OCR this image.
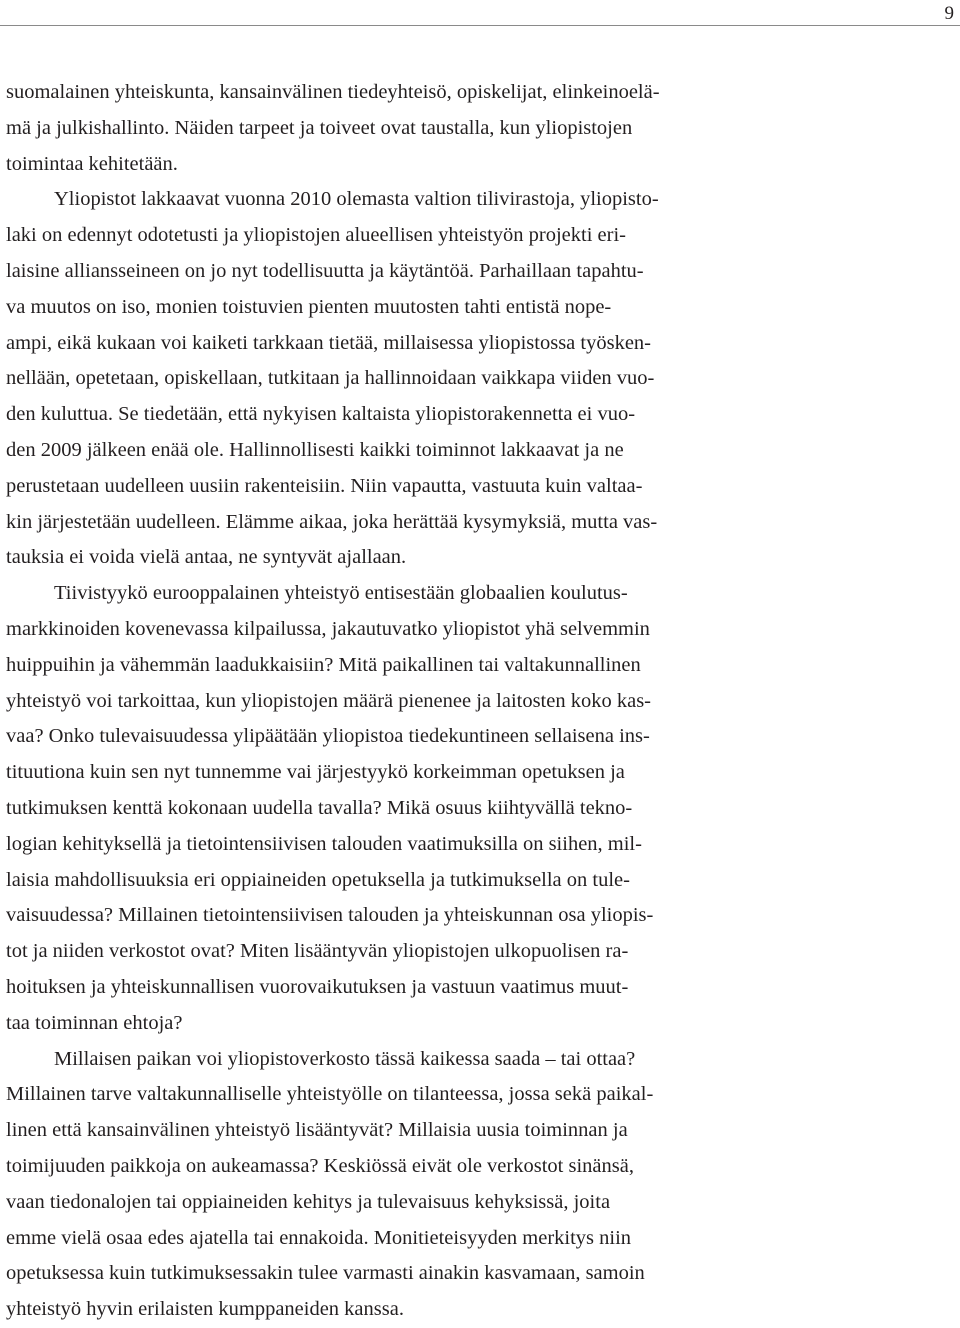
9

suomalainen yhteiskunta, kansainvälinen tiedeyhteisö, opiskelijat, elinkeinoelä-
mä ja julkishallinto. Näiden tarpeet ja toiveet ovat taustalla, kun yliopistojen
toimintaa kehitetään.

Yliopistot lakkaavat vuonna 2010 olemasta valtion tilivirastoja, yliopisto-
laki on edennyt odotetusti ja yliopistojen alueellisen yhteistyön projekti eri-
laisine alliansseineen on jo nyt todellisuutta ja käytäntöä. Parhaillaan tapahtu-
va muutos on iso, monien toistuvien pienten muutosten tahti entistä nope-
ampi, eikä kukaan voi kaiketi tarkkaan tietää, millaisessa yliopistossa työsken-
nellään, opetetaan, opiskellaan, tutkitaan ja hallinnoidaan vaikkapa viiden vuo-
den kuluttua. Se tiedetään, että nykyisen kaltaista yliopistorakennetta ei vuo-
den 2009 jälkeen enää ole. Hallinnollisesti kaikki toiminnot lakkaavat ja ne
perustetaan uudelleen uusiin rakenteisiin. Niin vapautta, vastuuta kuin valtaa-
kin järjestetään uudelleen. Elämme aikaa, joka herättää kysymyksiä, mutta vas-
tauksia ei voida vielä antaa, ne syntyvät ajallaan.

Tiivistyykö eurooppalainen yhteistyö entisestään globaalien koulutus-
markkinoiden kovenevassa kilpailussa, jakautuvatko yliopistot yhä selvemmin
huippuihin ja vähemmän laadukkaisiin? Mitä paikallinen tai valtakunnallinen
yhteistyö voi tarkoittaa, kun yliopistojen määrä pienenee ja laitosten koko kas-
vaa? Onko tulevaisuudessa ylipäätään yliopistoa tiedekuntineen sellaisena ins-
tituutiona kuin sen nyt tunnemme vai järjestyykö korkeimman opetuksen ja
tutkimuksen kenttä kokonaan uudella tavalla? Mikä osuus kiihtyvällä tekno-
logian kehityksellä ja tietointensiivisen talouden vaatimuksilla on siihen, mil-
laisia mahdollisuuksia eri oppiaineiden opetuksella ja tutkimuksella on tule-
vaisuudessa? Millainen tietointensiivisen talouden ja yhteiskunnan osa yliopis-
tot ja niiden verkostot ovat? Miten lisääntyvän yliopistojen ulkopuolisen ra-
hoituksen ja yhteiskunnallisen vuorovaikutuksen ja vastuun vaatimus muut-
taa toiminnan ehtoja?

Millaisen paikan voi yliopistoverkosto tässä kaikessa saada – tai ottaa?
Millainen tarve valtakunnalliselle yhteistyölle on tilanteessa, jossa sekä paikal-
linen että kansainvälinen yhteistyö lisääntyvät? Millaisia uusia toiminnan ja
toimijuuden paikkoja on aukeamassa? Keskiössä eivät ole verkostot sinänsä,
vaan tiedonalojen tai oppiaineiden kehitys ja tulevaisuus kehyksissä, joita
emme vielä osaa edes ajatella tai ennakoida. Monitieteisyyden merkitys niin
opetuksessa kuin tutkimuksessakin tulee varmasti ainakin kasvamaan, samoin
yhteistyö hyvin erilaisten kumppaneiden kanssa.
